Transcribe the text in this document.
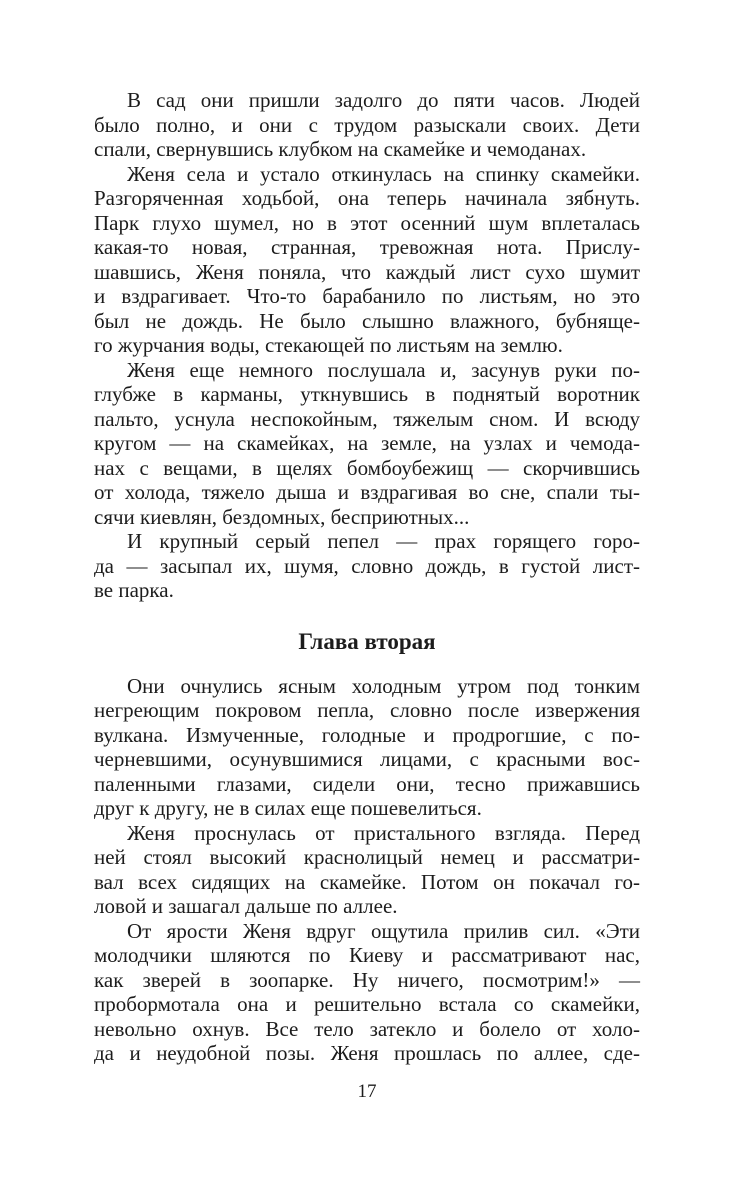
В сад они пришли задолго до пяти часов. Людей
было полно, и они с трудом разыскали своих. Дети
спали, свернувшись клубком на скамейке и чемоданах.
Женя села и устало откинулась на спинку скамейки.
Разгоряченная ходьбой, она теперь начинала зябнуть.
Парк глухо шумел, но в этот осенний шум вплеталась
какая-то новая, странная, тревожная нота. Прислу-
шавшись, Женя поняла, что каждый лист сухо шумит
и вздрагивает. Что-то барабанило по листьям, но это
был не дождь. Не было слышно влажного, бубняще-
го журчания воды, стекающей по листьям на землю.
Женя еще немного послушала и, засунув руки по-
глубже в карманы, уткнувшись в поднятый воротник
пальто, уснула неспокойным, тяжелым сном. И всюду
кругом — на скамейках, на земле, на узлах и чемода-
нах с вещами, в щелях бомбоубежищ — скорчившись
от холода, тяжело дыша и вздрагивая во сне, спали ты-
сячи киевлян, бездомных, бесприютных...
И крупный серый пепел — прах горящего горо-
да — засыпал их, шумя, словно дождь, в густой лист-
ве парка.
Глава вторая
Они очнулись ясным холодным утром под тонким
негреющим покровом пепла, словно после извержения
вулкана. Измученные, голодные и продрогшие, с по-
черневшими, осунувшимися лицами, с красными вос-
паленными глазами, сидели они, тесно прижавшись
друг к другу, не в силах еще пошевелиться.
Женя проснулась от пристального взгляда. Перед
ней стоял высокий краснолицый немец и рассматри-
вал всех сидящих на скамейке. Потом он покачал го-
ловой и зашагал дальше по аллее.
От ярости Женя вдруг ощутила прилив сил. «Эти
молодчики шляются по Киеву и рассматривают нас,
как зверей в зоопарке. Ну ничего, посмотрим!» —
пробормотала она и решительно встала со скамейки,
невольно охнув. Все тело затекло и болело от холо-
да и неудобной позы. Женя прошлась по аллее, сде-
17
